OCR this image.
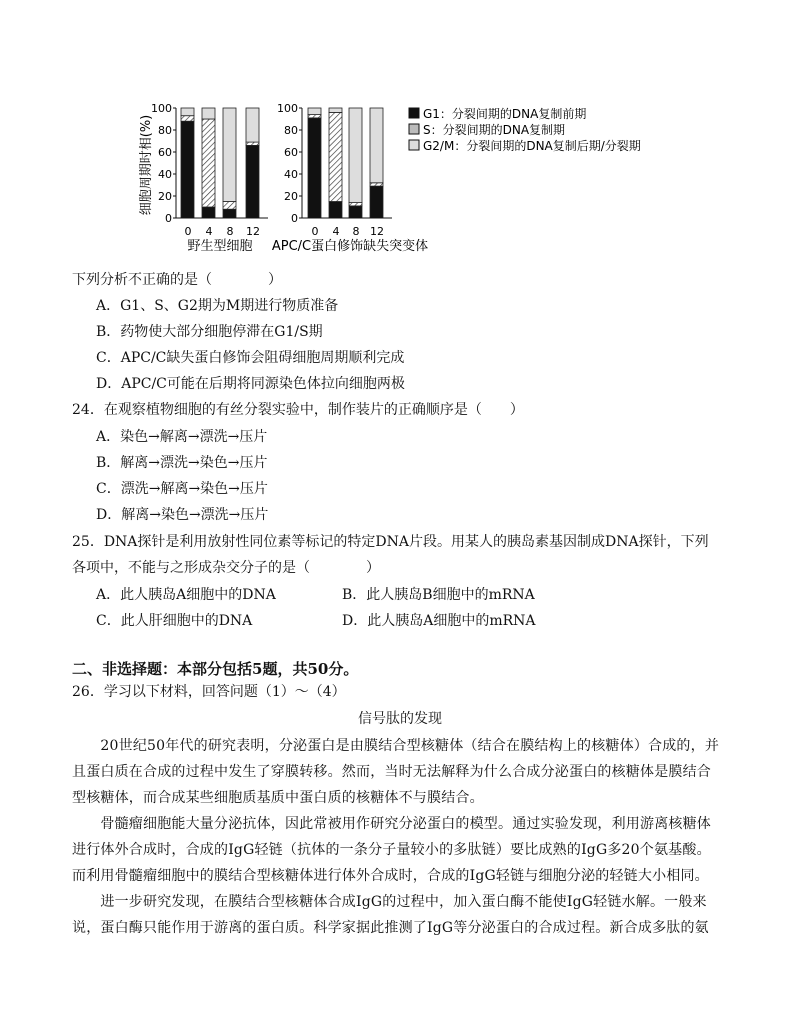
细胞周期时相(%)
100
80
60
40
20
0
100
80
60
40
20
0
0 4 8 12	0 4 8 12
野生型细胞 APC/C蛋白修饰缺失突变体
G1：分裂间期的DNA复制前期
S：分裂间期的DNA复制期
G2/M：分裂间期的DNA复制后期/分裂期
下列分析不正确的是（　　　　）
A．G1、S、G2期为M期进行物质准备
B．药物使大部分细胞停滞在G1/S期
C．APC/C缺失蛋白修饰会阻碍细胞周期顺利完成
D．APC/C可能在后期将同源染色体拉向细胞两极
24．在观察植物细胞的有丝分裂实验中，制作装片的正确顺序是（　　）
A．染色→解离→漂洗→压片
B．解离→漂洗→染色→压片
C．漂洗→解离→染色→压片
D．解离→染色→漂洗→压片
25．DNA探针是利用放射性同位素等标记的特定DNA片段。用某人的胰岛素基因制成DNA探针，下列
各项中，不能与之形成杂交分子的是（　　　　）
A．此人胰岛A细胞中的DNA	B．此人胰岛B细胞中的mRNA
C．此人肝细胞中的DNA	D．此人胰岛A细胞中的mRNA
二、非选择题：本部分包括5题，共50分。
26．学习以下材料，回答问题（1）～（4）
信号肽的发现
　　20世纪50年代的研究表明，分泌蛋白是由膜结合型核糖体（结合在膜结构上的核糖体）合成的，并
且蛋白质在合成的过程中发生了穿膜转移。然而，当时无法解释为什么合成分泌蛋白的核糖体是膜结合
型核糖体，而合成某些细胞质基质中蛋白质的核糖体不与膜结合。
　　骨髓瘤细胞能大量分泌抗体，因此常被用作研究分泌蛋白的模型。通过实验发现，利用游离核糖体
进行体外合成时，合成的IgG轻链（抗体的一条分子量较小的多肽链）要比成熟的IgG多20个氨基酸。
而利用骨髓瘤细胞中的膜结合型核糖体进行体外合成时，合成的IgG轻链与细胞分泌的轻链大小相同。
　　进一步研究发现，在膜结合型核糖体合成IgG的过程中，加入蛋白酶不能使IgG轻链水解。一般来
说，蛋白酶只能作用于游离的蛋白质。科学家据此推测了IgG等分泌蛋白的合成过程。新合成多肽的氨
